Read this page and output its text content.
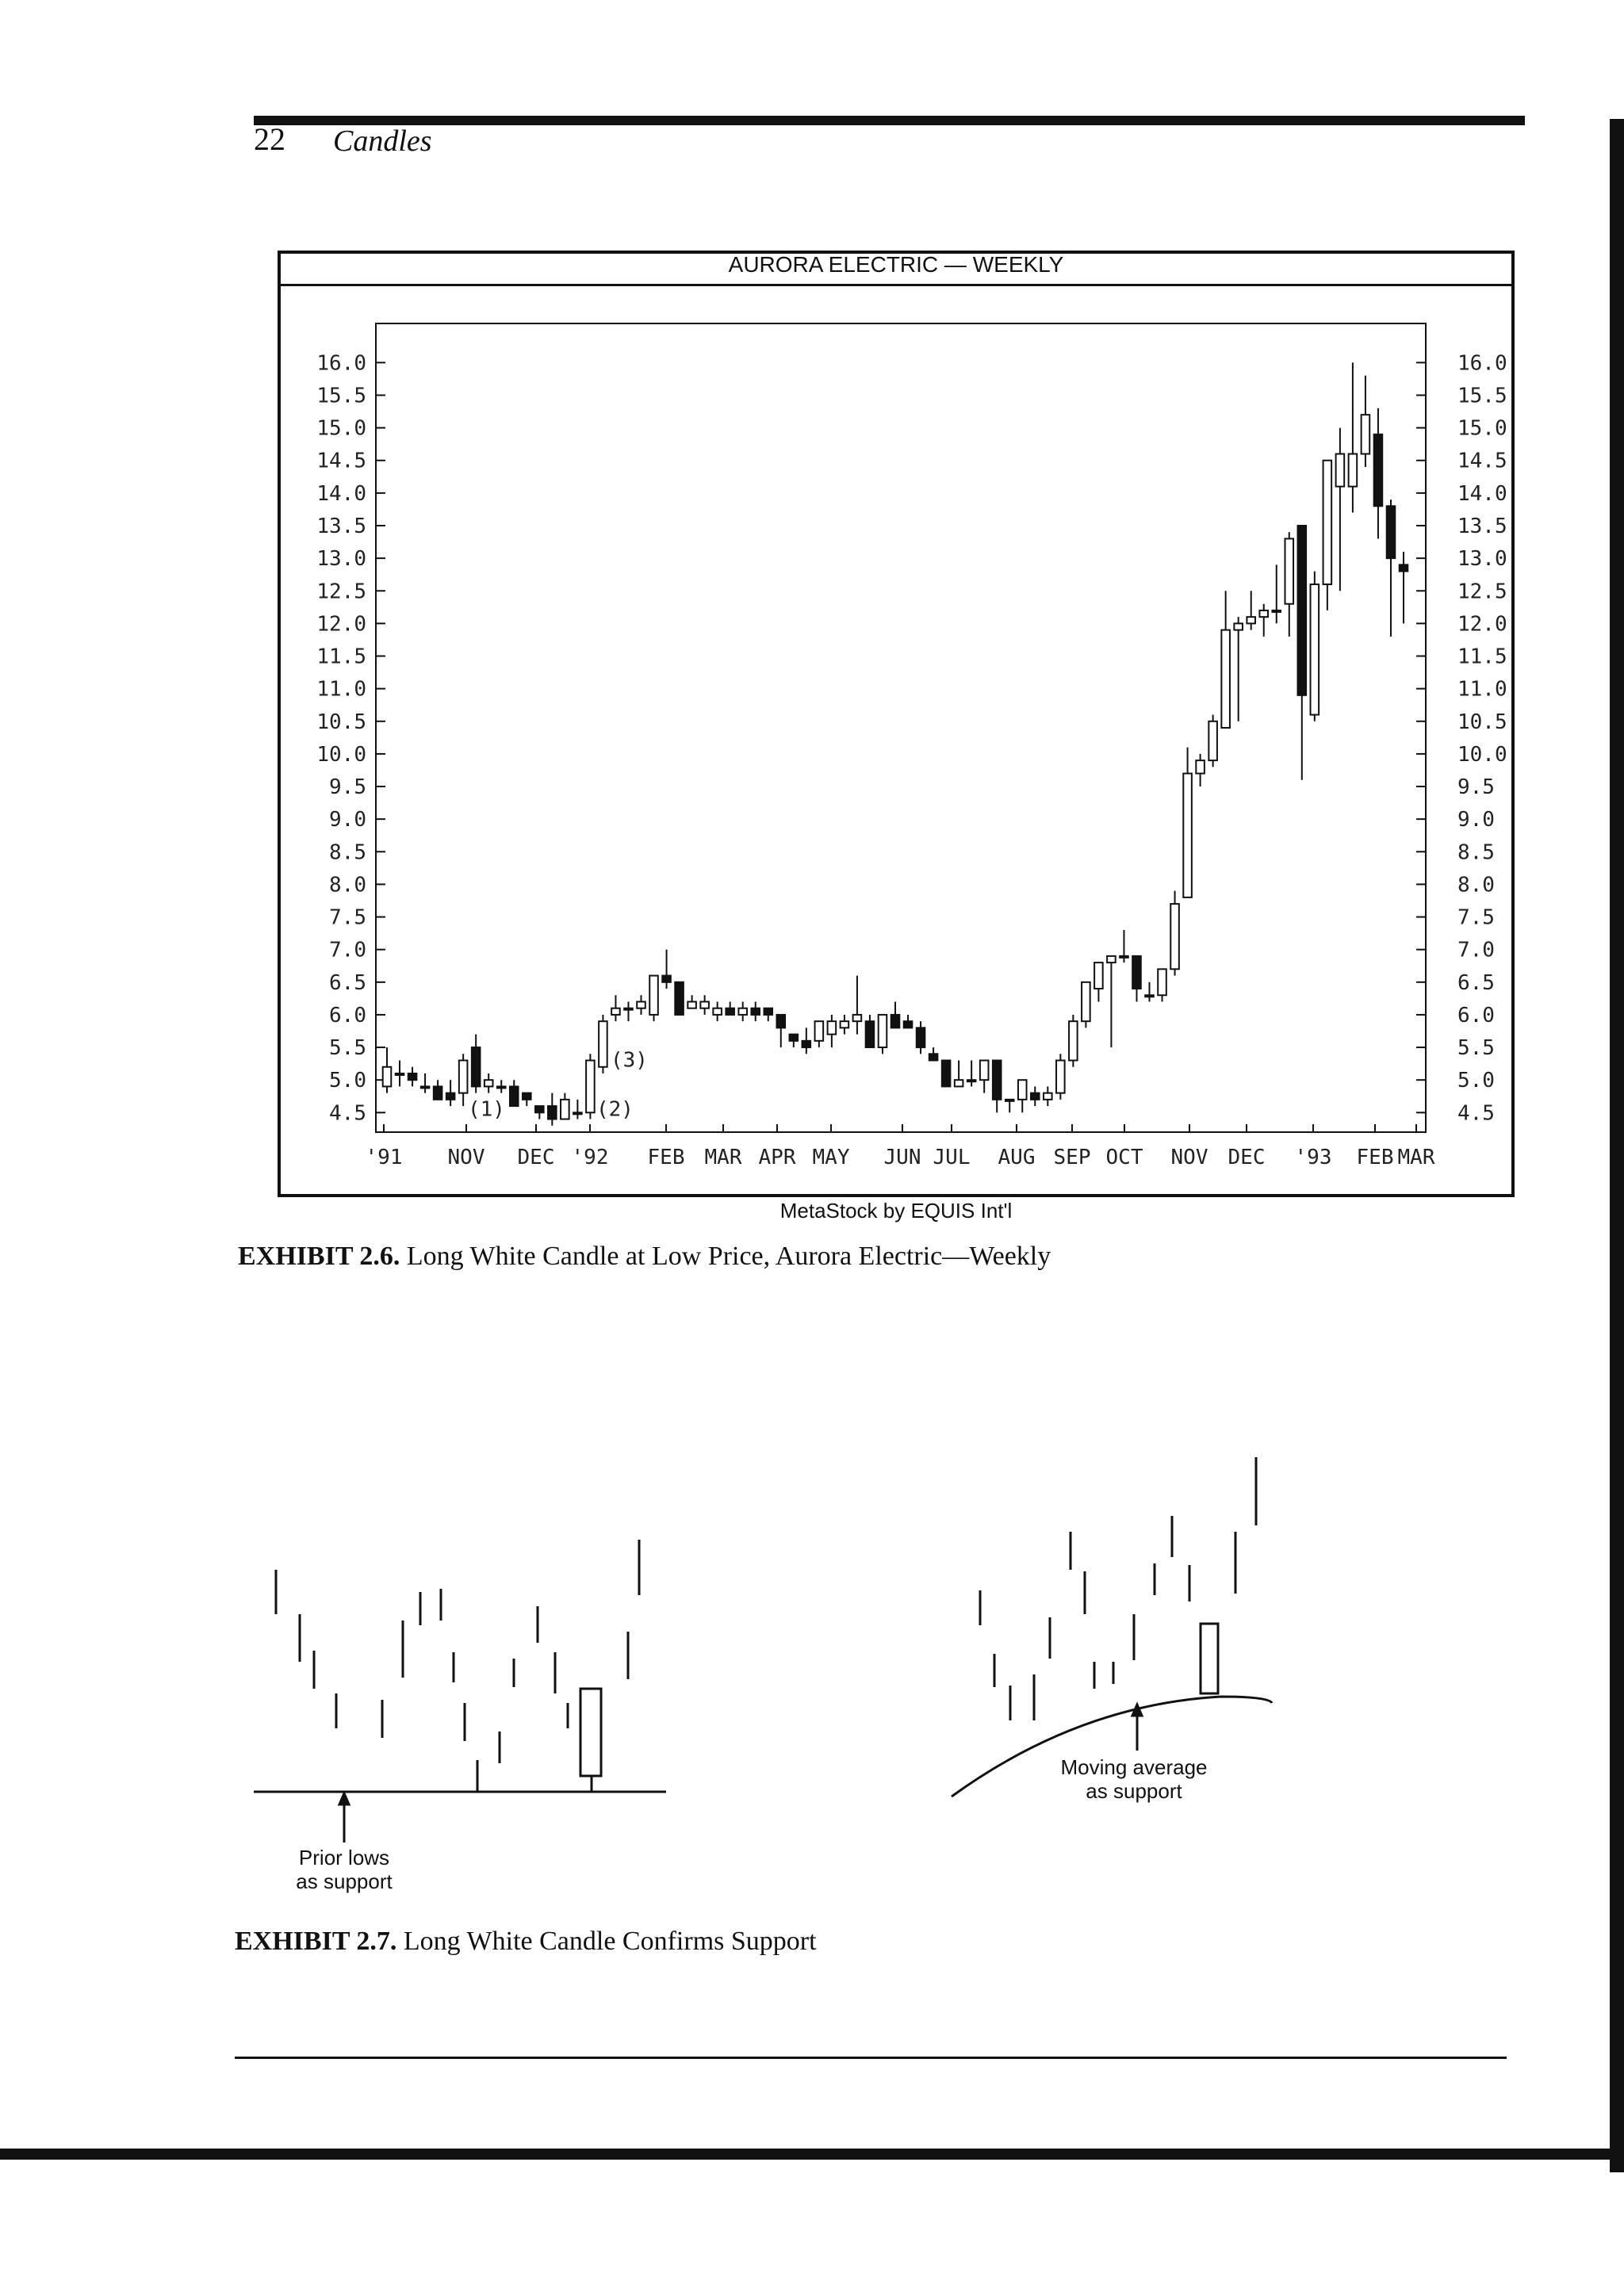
22 Candles
AURORA ELECTRIC — WEEKLY
16.0	16.0
15.5	15.5
15.0	15.0
14.5	14.5
14.0	14.0
13.5	13.5
13.0	13.0
12.5	12.5
12.0	12.0
11.5	11.5
11.0	11.0
10.5	10.5
10.0	10.0
9.5	9.5
9.0	9.0
8.5	8.5
8.0	8.0
7.5	7.5
7.0	7.0
6.5	6.5
6.0	6.0
5.5	5.5
5.0	5.0
4.5	4.5
'91 NOV DEC '92 FEB MAR APR MAY JUN JUL AUG SEP OCT NOV DEC '93 FEB MAR
(1)	(2)
(3)
MetaStock by EQUIS Int'l
EXHIBIT 2.6. Long White Candle at Low Price, Aurora Electric—Weekly
Prior lows
as support
Moving average
as support
EXHIBIT 2.7. Long White Candle Confirms Support
